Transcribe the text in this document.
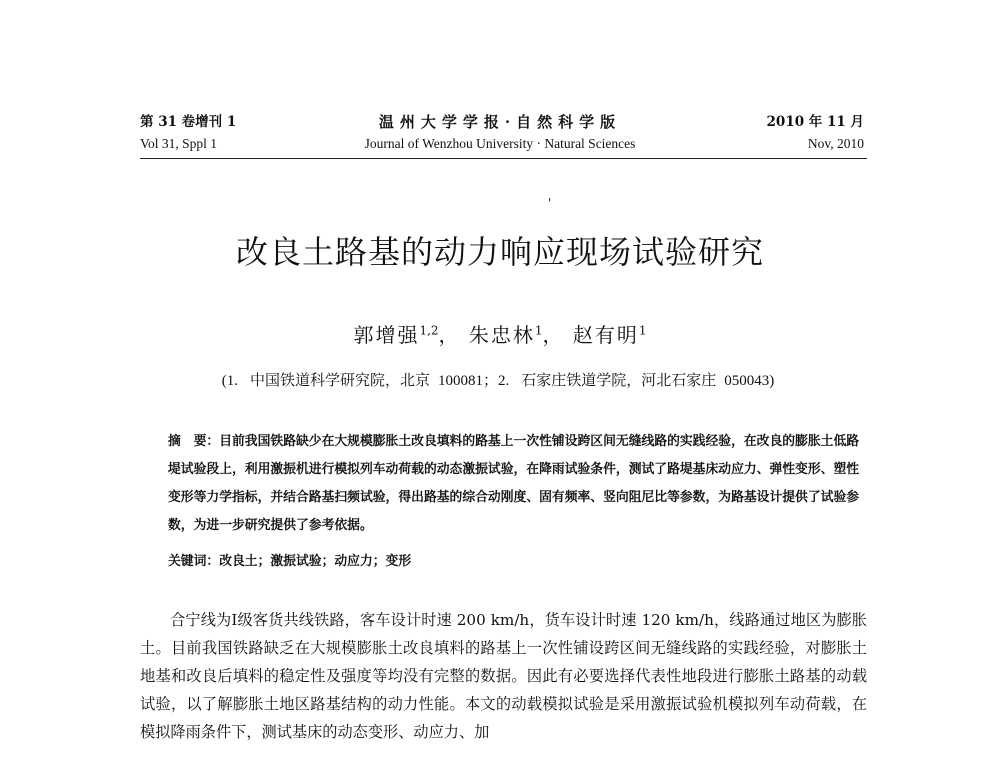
第 31 卷增刊 1
Vol 31, Sppl 1
温州大学学报·自然科学版
Journal of Wenzhou University · Natural Sciences
2010 年 11 月
Nov, 2010
'
改良土路基的动力响应现场试验研究
郭增强$^{1,2}$， 朱忠林$^1$， 赵有明$^1$
(1. 中国铁道科学研究院，北京 100081；2. 石家庄铁道学院，河北石家庄 050043)
摘　要：目前我国铁路缺少在大规模膨胀土改良填料的路基上一次性铺设跨区间无缝线路的实践经验，在改良的膨胀土低路堤试验段上，利用激振机进行模拟列车动荷载的动态激振试验，在降雨试验条件，测试了路堤基床动应力、弹性变形、塑性变形等力学指标，并结合路基扫频试验，得出路基的综合动刚度、固有频率、竖向阻尼比等参数，为路基设计提供了试验参数，为进一步研究提供了参考依据。
关键词：改良土；激振试验；动应力；变形
合宁线为Ⅰ级客货共线铁路，客车设计时速 200 km/h，货车设计时速 120 km/h，线路通过地区为膨胀土。目前我国铁路缺乏在大规模膨胀土改良填料的路基上一次性铺设跨区间无缝线路的实践经验，对膨胀土地基和改良后填料的稳定性及强度等均没有完整的数据。因此有必要选择代表性地段进行膨胀土路基的动载试验，以了解膨胀土地区路基结构的动力性能。本文的动载模拟试验是采用激振试验机模拟列车动荷载，在模拟降雨条件下，测试基床的动态变形、动应力、加
